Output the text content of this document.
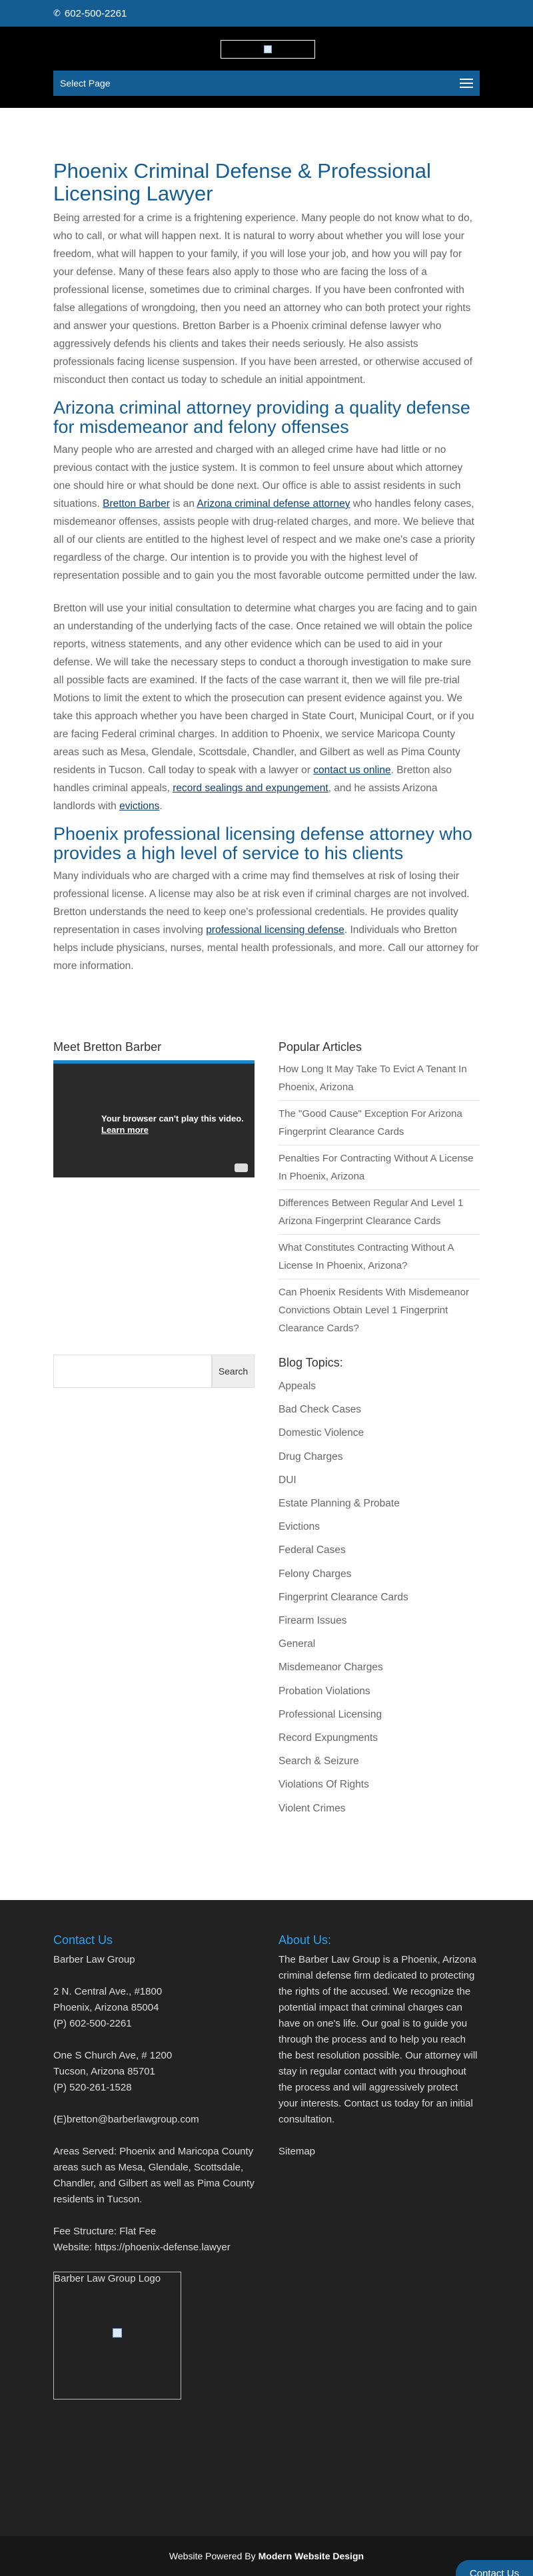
✆ 602-500-2261
Select Page
Phoenix Criminal Defense & Professional Licensing Lawyer

Being arrested for a crime is a frightening experience. Many people do not know what to do, who to call, or what will happen next. It is natural to worry about whether you will lose your freedom, what will happen to your family, if you will lose your job, and how you will pay for your defense. Many of these fears also apply to those who are facing the loss of a professional license, sometimes due to criminal charges. If you have been confronted with false allegations of wrongdoing, then you need an attorney who can both protect your rights and answer your questions. Bretton Barber is a Phoenix criminal defense lawyer who aggressively defends his clients and takes their needs seriously. He also assists professionals facing license suspension. If you have been arrested, or otherwise accused of misconduct then contact us today to schedule an initial appointment.

Arizona criminal attorney providing a quality defense for misdemeanor and felony offenses

Many people who are arrested and charged with an alleged crime have had little or no previous contact with the justice system. It is common to feel unsure about which attorney one should hire or what should be done next. Our office is able to assist residents in such situations. Bretton Barber is an Arizona criminal defense attorney who handles felony cases, misdemeanor offenses, assists people with drug-related charges, and more. We believe that all of our clients are entitled to the highest level of respect and we make one's case a priority regardless of the charge. Our intention is to provide you with the highest level of representation possible and to gain you the most favorable outcome permitted under the law.

Bretton will use your initial consultation to determine what charges you are facing and to gain an understanding of the underlying facts of the case. Once retained we will obtain the police reports, witness statements, and any other evidence which can be used to aid in your defense. We will take the necessary steps to conduct a thorough investigation to make sure all possible facts are examined. If the facts of the case warrant it, then we will file pre-trial Motions to limit the extent to which the prosecution can present evidence against you. We take this approach whether you have been charged in State Court, Municipal Court, or if you are facing Federal criminal charges. In addition to Phoenix, we service Maricopa County areas such as Mesa, Glendale, Scottsdale, Chandler, and Gilbert as well as Pima County residents in Tucson. Call today to speak with a lawyer or contact us online. Bretton also handles criminal appeals, record sealings and expungement, and he assists Arizona landlords with evictions.

Phoenix professional licensing defense attorney who provides a high level of service to his clients

Many individuals who are charged with a crime may find themselves at risk of losing their professional license. A license may also be at risk even if criminal charges are not involved. Bretton understands the need to keep one's professional credentials. He provides quality representation in cases involving professional licensing defense. Individuals who Bretton helps include physicians, nurses, mental health professionals, and more. Call our attorney for more information.

Meet Bretton Barber
Your browser can't play this video.
Learn more
Popular Articles
How Long It May Take To Evict A Tenant In Phoenix, Arizona
The "Good Cause" Exception For Arizona Fingerprint Clearance Cards
Penalties For Contracting Without A License In Phoenix, Arizona
Differences Between Regular And Level 1 Arizona Fingerprint Clearance Cards
What Constitutes Contracting Without A License In Phoenix, Arizona?
Can Phoenix Residents With Misdemeanor Convictions Obtain Level 1 Fingerprint Clearance Cards?
Search
Blog Topics:
Appeals
Bad Check Cases
Domestic Violence
Drug Charges
DUI
Estate Planning & Probate
Evictions
Federal Cases
Felony Charges
Fingerprint Clearance Cards
Firearm Issues
General
Misdemeanor Charges
Probation Violations
Professional Licensing
Record Expungments
Search & Seizure
Violations Of Rights
Violent Crimes
Contact Us
Barber Law Group
2 N. Central Ave., #1800
Phoenix, Arizona 85004
(P) 602-500-2261
One S Church Ave, # 1200
Tucson, Arizona 85701
(P) 520-261-1528
(E)bretton@barberlawgroup.com
Areas Served: Phoenix and Maricopa County areas such as Mesa, Glendale, Scottsdale, Chandler, and Gilbert as well as Pima County residents in Tucson.
Fee Structure: Flat Fee
Website: https://phoenix-defense.lawyer
Barber Law Group Logo
About Us:
The Barber Law Group is a Phoenix, Arizona criminal defense firm dedicated to protecting the rights of the accused. We recognize the potential impact that criminal charges can have on one's life. Our goal is to guide you through the process and to help you reach the best resolution possible. Our attorney will stay in regular contact with you throughout the process and will aggressively protect your interests. Contact us today for an initial consultation.
Sitemap
Website Powered By Modern Website Design
Contact Us
